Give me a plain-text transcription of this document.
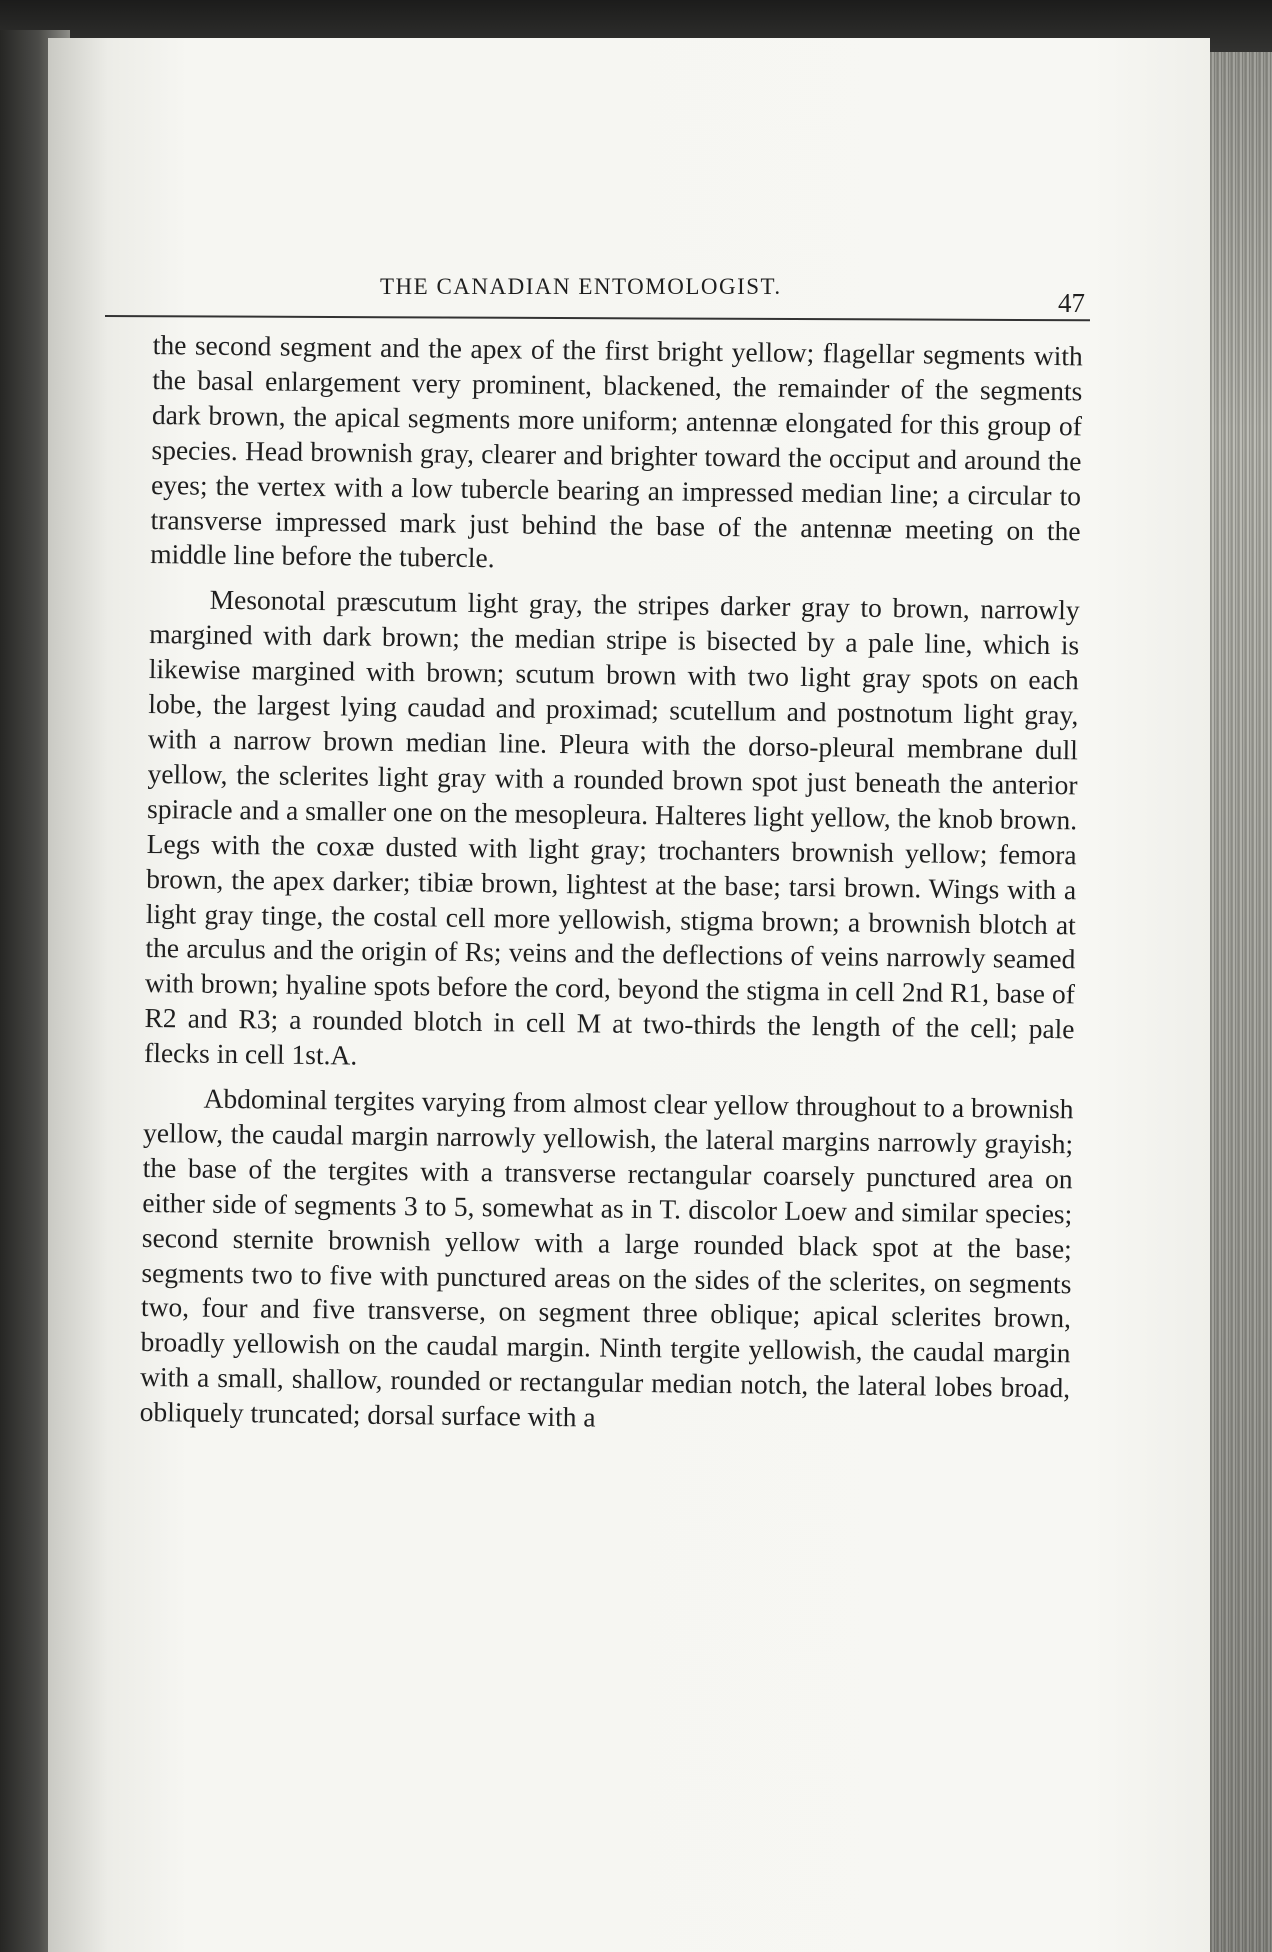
THE CANADIAN ENTOMOLOGIST.
47

the second segment and the apex of the first bright yellow; flagellar segments with the basal enlargement very prominent, blackened, the remainder of the segments dark brown, the apical segments more uniform; antennæ elongated for this group of species. Head brownish gray, clearer and brighter toward the occiput and around the eyes; the vertex with a low tubercle bearing an impressed median line; a circular to transverse impressed mark just behind the base of the antennæ meeting on the middle line before the tubercle.

Mesonotal præscutum light gray, the stripes darker gray to brown, narrowly margined with dark brown; the median stripe is bisected by a pale line, which is likewise margined with brown; scutum brown with two light gray spots on each lobe, the largest lying caudad and proximad; scutellum and postnotum light gray, with a narrow brown median line. Pleura with the dorso-pleural membrane dull yellow, the sclerites light gray with a rounded brown spot just beneath the anterior spiracle and a smaller one on the mesopleura. Halteres light yellow, the knob brown. Legs with the coxæ dusted with light gray; trochanters brownish yellow; femora brown, the apex darker; tibiæ brown, lightest at the base; tarsi brown. Wings with a light gray tinge, the costal cell more yellowish, stigma brown; a brownish blotch at the arculus and the origin of Rs; veins and the deflections of veins narrowly seamed with brown; hyaline spots before the cord, beyond the stigma in cell 2nd R1, base of R2 and R3; a rounded blotch in cell M at two-thirds the length of the cell; pale flecks in cell 1st.A.

Abdominal tergites varying from almost clear yellow throughout to a brownish yellow, the caudal margin narrowly yellowish, the lateral margins narrowly grayish; the base of the tergites with a transverse rectangular coarsely punctured area on either side of segments 3 to 5, somewhat as in T. discolor Loew and similar species; second sternite brownish yellow with a large rounded black spot at the base; segments two to five with punctured areas on the sides of the sclerites, on segments two, four and five transverse, on segment three oblique; apical sclerites brown, broadly yellowish on the caudal margin. Ninth tergite yellowish, the caudal margin with a small, shallow, rounded or rectangular median notch, the lateral lobes broad, obliquely truncated; dorsal surface with a
